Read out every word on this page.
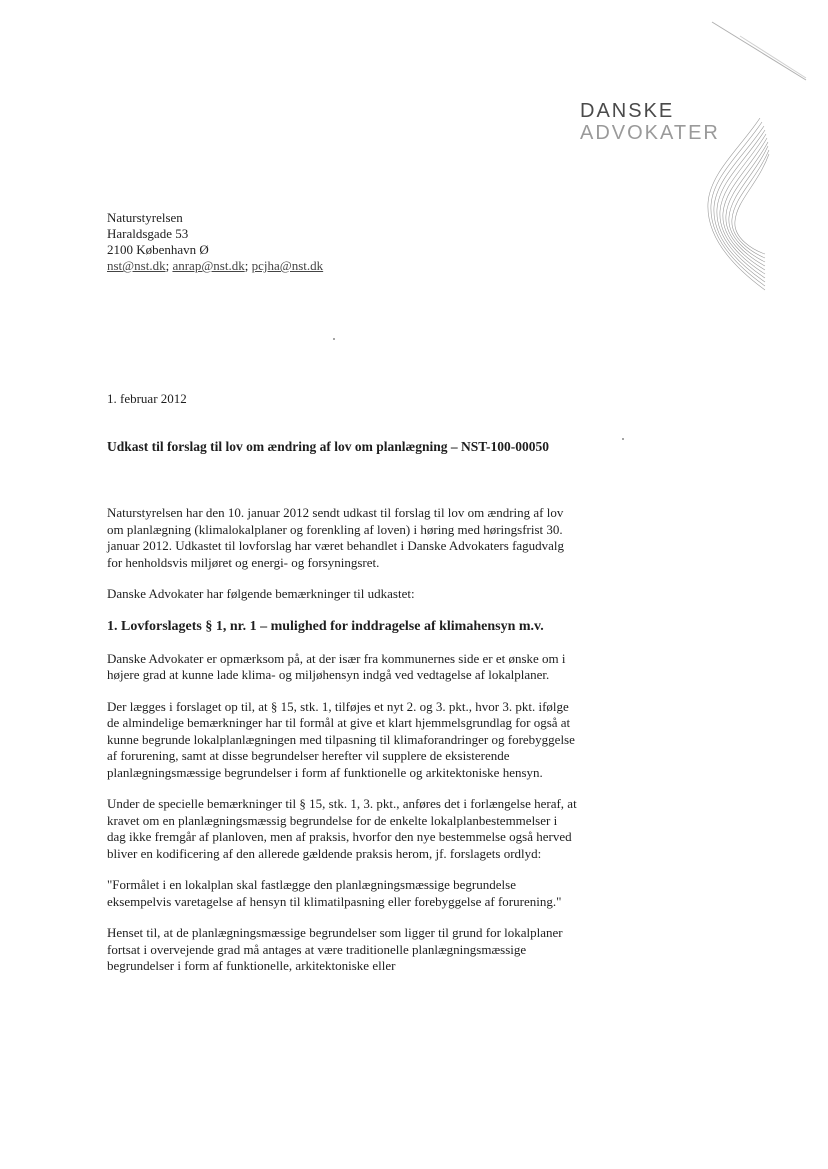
DANSKE
ADVOKATER
Naturstyrelsen
Haraldsgade 53
2100 København Ø
nst@nst.dk; anrap@nst.dk; pcjha@nst.dk
1. februar 2012
Udkast til forslag til lov om ændring af lov om planlægning – NST-100-00050

Naturstyrelsen har den 10. januar 2012 sendt udkast til forslag til lov om ændring af lov om planlægning (klimalokalplaner og forenkling af loven) i høring med høringsfrist 30. januar 2012. Udkastet til lovforslag har været behandlet i Danske Advokaters fagudvalg for henholdsvis miljøret og energi- og forsyningsret.

Danske Advokater har følgende bemærkninger til udkastet:

1. Lovforslagets § 1, nr. 1 – mulighed for inddragelse af klimahensyn m.v.

Danske Advokater er opmærksom på, at der især fra kommunernes side er et ønske om i højere grad at kunne lade klima- og miljøhensyn indgå ved vedtagelse af lokalplaner.

Der lægges i forslaget op til, at § 15, stk. 1, tilføjes et nyt 2. og 3. pkt., hvor 3. pkt. ifølge de almindelige bemærkninger har til formål at give et klart hjemmelsgrundlag for også at kunne begrunde lokalplanlægningen med tilpasning til klimaforandringer og forebyggelse af forurening, samt at disse begrundelser herefter vil supplere de eksisterende planlægningsmæssige begrundelser i form af funktionelle og arkitektoniske hensyn.

Under de specielle bemærkninger til § 15, stk. 1, 3. pkt., anføres det i forlængelse heraf, at kravet om en planlægningsmæssig begrundelse for de enkelte lokalplanbestemmelser i dag ikke fremgår af planloven, men af praksis, hvorfor den nye bestemmelse også herved bliver en kodificering af den allerede gældende praksis herom, jf. forslagets ordlyd:

"Formålet i en lokalplan skal fastlægge den planlægningsmæssige begrundelse eksempelvis varetagelse af hensyn til klimatilpasning eller forebyggelse af forurening."

Henset til, at de planlægningsmæssige begrundelser som ligger til grund for lokalplaner fortsat i overvejende grad må antages at være traditionelle planlægningsmæssige begrundelser i form af funktionelle, arkitektoniske eller
